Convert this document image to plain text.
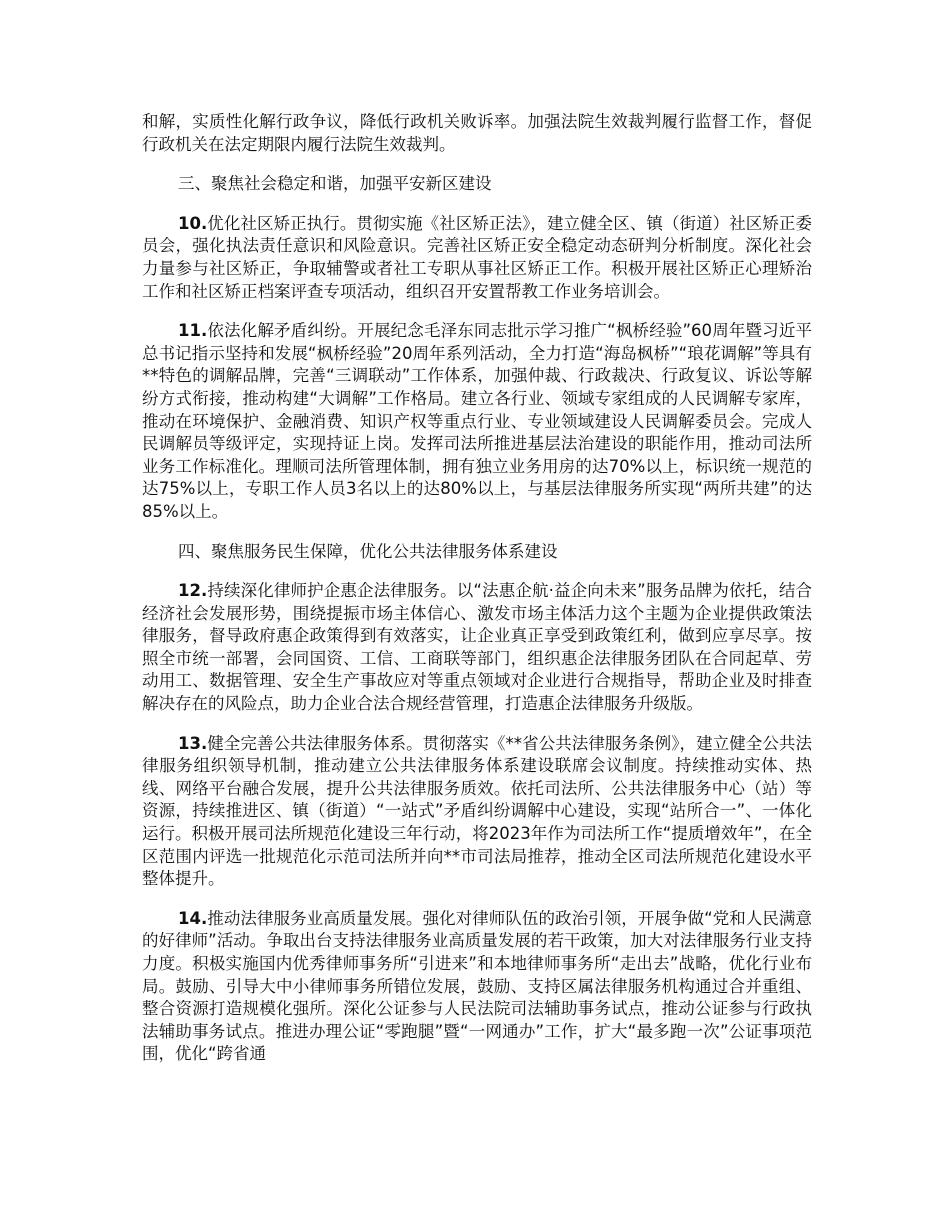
和解，实质性化解行政争议，降低行政机关败诉率。加强法院生效裁判履行监督工作，督促行政机关在法定期限内履行法院生效裁判。

三、聚焦社会稳定和谐，加强平安新区建设

10.优化社区矫正执行。贯彻实施《社区矫正法》，建立健全区、镇（街道）社区矫正委员会，强化执法责任意识和风险意识。完善社区矫正安全稳定动态研判分析制度。深化社会力量参与社区矫正，争取辅警或者社工专职从事社区矫正工作。积极开展社区矫正心理矫治工作和社区矫正档案评查专项活动，组织召开安置帮教工作业务培训会。

11.依法化解矛盾纠纷。开展纪念毛泽东同志批示学习推广“枫桥经验”60周年暨习近平总书记指示坚持和发展“枫桥经验”20周年系列活动，全力打造“海岛枫桥”“琅花调解”等具有**特色的调解品牌，完善“三调联动”工作体系，加强仲裁、行政裁决、行政复议、诉讼等解纷方式衔接，推动构建“大调解”工作格局。建立各行业、领域专家组成的人民调解专家库，推动在环境保护、金融消费、知识产权等重点行业、专业领域建设人民调解委员会。完成人民调解员等级评定，实现持证上岗。发挥司法所推进基层法治建设的职能作用，推动司法所业务工作标准化。理顺司法所管理体制，拥有独立业务用房的达70%以上，标识统一规范的达75%以上，专职工作人员3名以上的达80%以上，与基层法律服务所实现“两所共建”的达85%以上。

四、聚焦服务民生保障，优化公共法律服务体系建设

12.持续深化律师护企惠企法律服务。以“法惠企航·益企向未来”服务品牌为依托，结合经济社会发展形势，围绕提振市场主体信心、激发市场主体活力这个主题为企业提供政策法律服务，督导政府惠企政策得到有效落实，让企业真正享受到政策红利，做到应享尽享。按照全市统一部署，会同国资、工信、工商联等部门，组织惠企法律服务团队在合同起草、劳动用工、数据管理、安全生产事故应对等重点领域对企业进行合规指导，帮助企业及时排查解决存在的风险点，助力企业合法合规经营管理，打造惠企法律服务升级版。

13.健全完善公共法律服务体系。贯彻落实《**省公共法律服务条例》，建立健全公共法律服务组织领导机制，推动建立公共法律服务体系建设联席会议制度。持续推动实体、热线、网络平台融合发展，提升公共法律服务质效。依托司法所、公共法律服务中心（站）等资源，持续推进区、镇（街道）“一站式”矛盾纠纷调解中心建设，实现“站所合一”、一体化运行。积极开展司法所规范化建设三年行动，将2023年作为司法所工作“提质增效年”，在全区范围内评选一批规范化示范司法所并向**市司法局推荐，推动全区司法所规范化建设水平整体提升。

14.推动法律服务业高质量发展。强化对律师队伍的政治引领，开展争做“党和人民满意的好律师”活动。争取出台支持法律服务业高质量发展的若干政策，加大对法律服务行业支持力度。积极实施国内优秀律师事务所“引进来”和本地律师事务所“走出去”战略，优化行业布局。鼓励、引导大中小律师事务所错位发展，鼓励、支持区属法律服务机构通过合并重组、整合资源打造规模化强所。深化公证参与人民法院司法辅助事务试点，推动公证参与行政执法辅助事务试点。推进办理公证“零跑腿”暨“一网通办”工作，扩大“最多跑一次”公证事项范围，优化“跨省通
